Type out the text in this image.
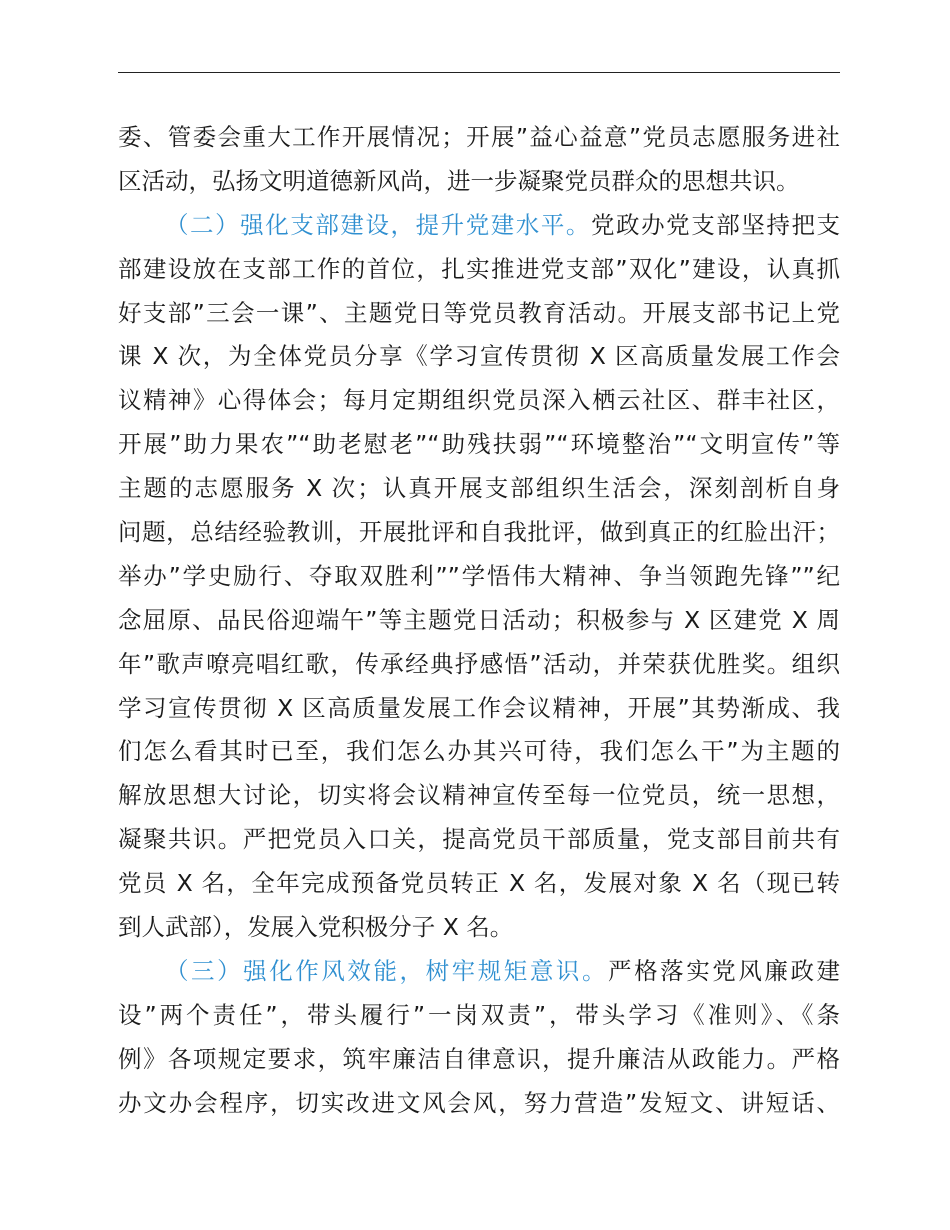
委、管委会重大工作开展情况；开展”益心益意”党员志愿服务进社
区活动，弘扬文明道德新风尚，进一步凝聚党员群众的思想共识。
（二）强化支部建设，提升党建水平。党政办党支部坚持把支
部建设放在支部工作的首位，扎实推进党支部”双化”建设，认真抓
好支部”三会一课”、主题党日等党员教育活动。开展支部书记上党
课 X 次，为全体党员分享《学习宣传贯彻 X 区高质量发展工作会
议精神》心得体会；每月定期组织党员深入栖云社区、群丰社区，
开展”助力果农”“助老慰老”“助残扶弱”“环境整治”“文明宣传”等
主题的志愿服务 X 次；认真开展支部组织生活会，深刻剖析自身
问题，总结经验教训，开展批评和自我批评，做到真正的红脸出汗；
举办”学史励行、夺取双胜利””学悟伟大精神、争当领跑先锋””纪
念屈原、品民俗迎端午”等主题党日活动；积极参与 X 区建党 X 周
年”歌声嘹亮唱红歌，传承经典抒感悟”活动，并荣获优胜奖。组织
学习宣传贯彻 X 区高质量发展工作会议精神，开展”其势渐成、我
们怎么看其时已至，我们怎么办其兴可待，我们怎么干”为主题的
解放思想大讨论，切实将会议精神宣传至每一位党员，统一思想，
凝聚共识。严把党员入口关，提高党员干部质量，党支部目前共有
党员 X 名，全年完成预备党员转正 X 名，发展对象 X 名（现已转
到人武部），发展入党积极分子 X 名。
（三）强化作风效能，树牢规矩意识。严格落实党风廉政建
设”两个责任”，带头履行”一岗双责”，带头学习《准则》、《条
例》各项规定要求，筑牢廉洁自律意识，提升廉洁从政能力。严格
办文办会程序，切实改进文风会风，努力营造”发短文、讲短话、
